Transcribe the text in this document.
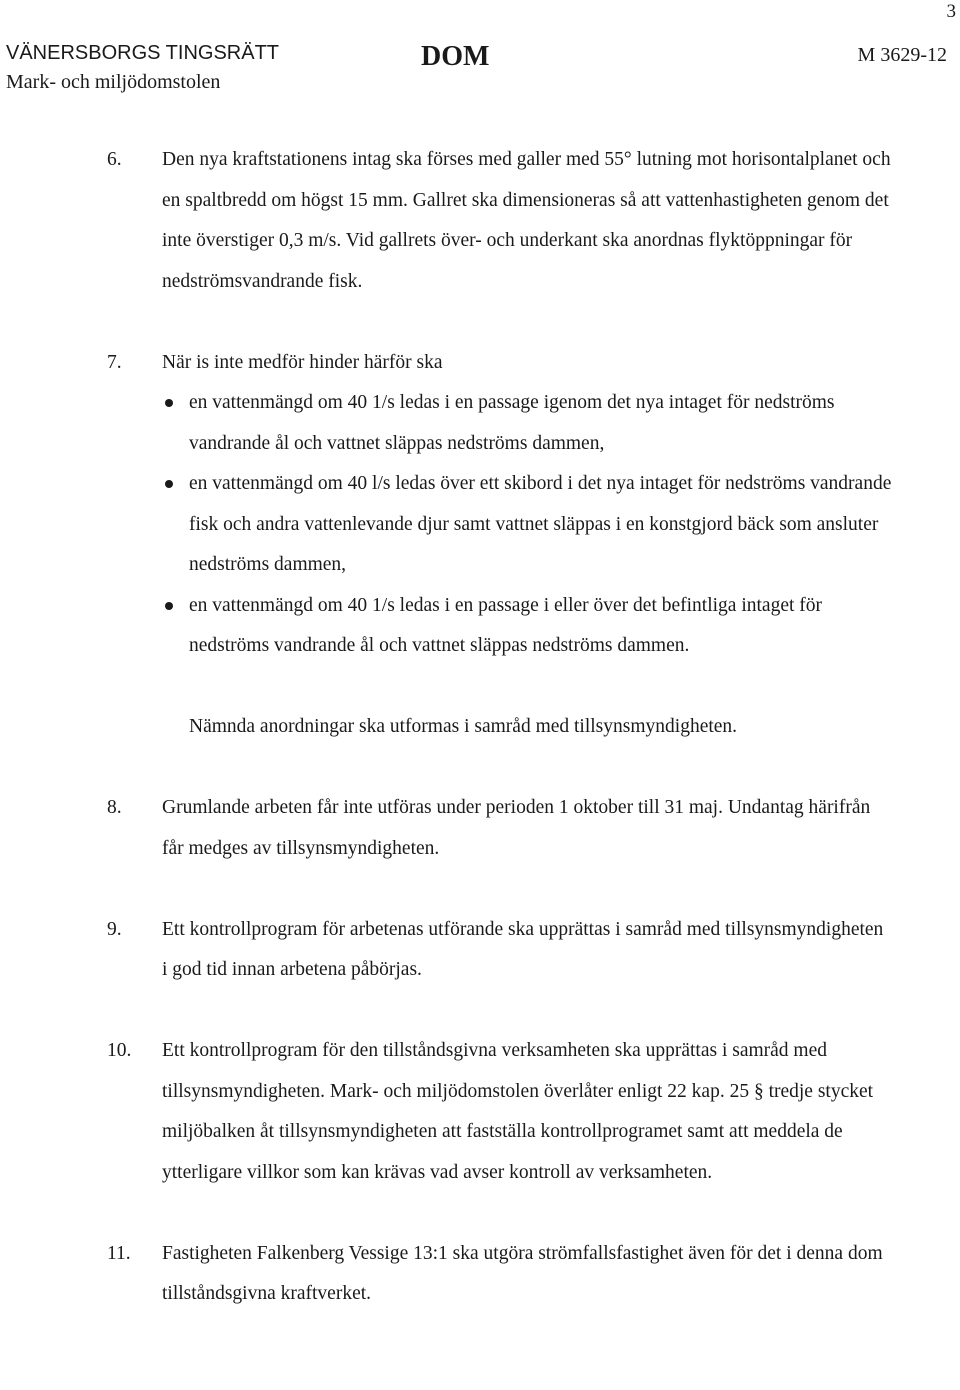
3
VÄNERSBORGS TINGSRÄTT
Mark- och miljödomstolen
DOM	M 3629-12
6. Den nya kraftstationens intag ska förses med galler med 55° lutning mot horisontalplanet och en spaltbredd om högst 15 mm. Gallret ska dimensioneras så att vattenhastigheten genom det inte överstiger 0,3 m/s. Vid gallrets över- och underkant ska anordnas flyktöppningar för nedströmsvandrande fisk.
7. När is inte medför hinder härför ska
en vattenmängd om 40 1/s ledas i en passage igenom det nya intaget för nedströms vandrande ål och vattnet släppas nedströms dammen,
en vattenmängd om 40 l/s ledas över ett skibord i det nya intaget för nedströms vandrande fisk och andra vattenlevande djur samt vattnet släppas i en konstgjord bäck som ansluter nedströms dammen,
en vattenmängd om 40 1/s ledas i en passage i eller över det befintliga intaget för nedströms vandrande ål och vattnet släppas nedströms dammen.
Nämnda anordningar ska utformas i samråd med tillsynsmyndigheten.
8. Grumlande arbeten får inte utföras under perioden 1 oktober till 31 maj. Undantag härifrån får medges av tillsynsmyndigheten.
9. Ett kontrollprogram för arbetenas utförande ska upprättas i samråd med tillsynsmyndigheten i god tid innan arbetena påbörjas.
10. Ett kontrollprogram för den tillståndsgivna verksamheten ska upprättas i samråd med tillsynsmyndigheten. Mark- och miljödomstolen överlåter enligt 22 kap. 25 § tredje stycket miljöbalken åt tillsynsmyndigheten att fastställa kontrollprogramet samt att meddela de ytterligare villkor som kan krävas vad avser kontroll av verksamheten.
11. Fastigheten Falkenberg Vessige 13:1 ska utgöra strömfallsfastighet även för det i denna dom tillståndsgivna kraftverket.
